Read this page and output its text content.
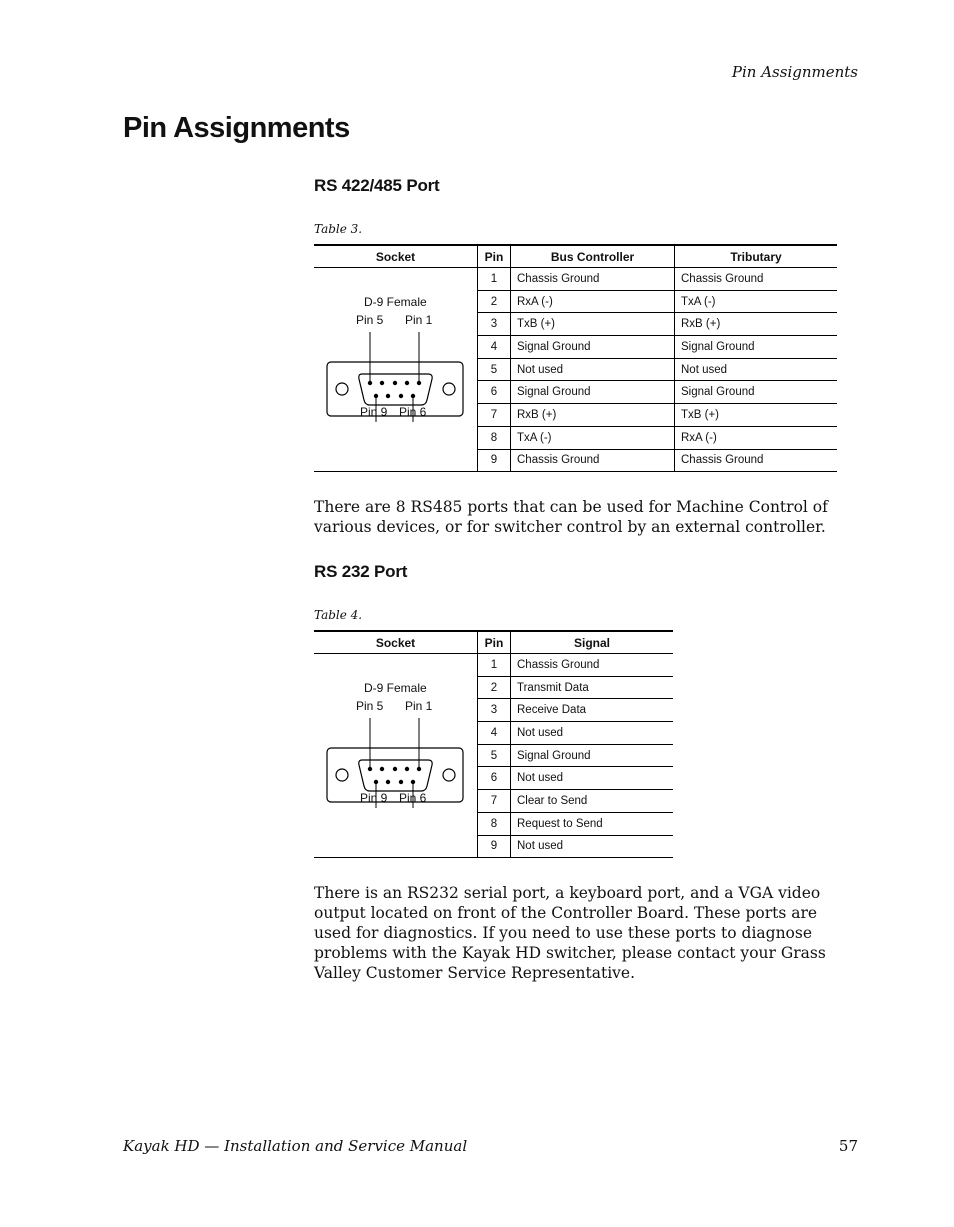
Pin Assignments
Pin Assignments
RS 422/485 Port
Table 3.
Socket	Pin	Bus Controller	Tributary

D-9 Female
Pin 5 Pin 1
Pin 9 Pin 6	1	Chassis Ground	Chassis Ground
	2	RxA (-)	TxA (-)
	3	TxB (+)	RxB (+)
	4	Signal Ground	Signal Ground
	5	Not used	Not used
	6	Signal Ground	Signal Ground
	7	RxB (+)	TxB (+)
	8	TxA (-)	RxA (-)
	9	Chassis Ground	Chassis Ground

There are 8 RS485 ports that can be used for Machine Control of various devices, or for switcher control by an external controller.

RS 232 Port
Table 4.
Socket	Pin	Signal

D-9 Female
Pin 5 Pin 1
Pin 9 Pin 6	1	Chassis Ground
	2	Transmit Data
	3	Receive Data
	4	Not used
	5	Signal Ground
	6	Not used
	7	Clear to Send
	8	Request to Send
	9	Not used

There is an RS232 serial port, a keyboard port, and a VGA video output located on front of the Controller Board. These ports are used for diagnostics. If you need to use these ports to diagnose problems with the Kayak HD switcher, please contact your Grass Valley Customer Service Representative.

Kayak HD — Installation and Service Manual	57
